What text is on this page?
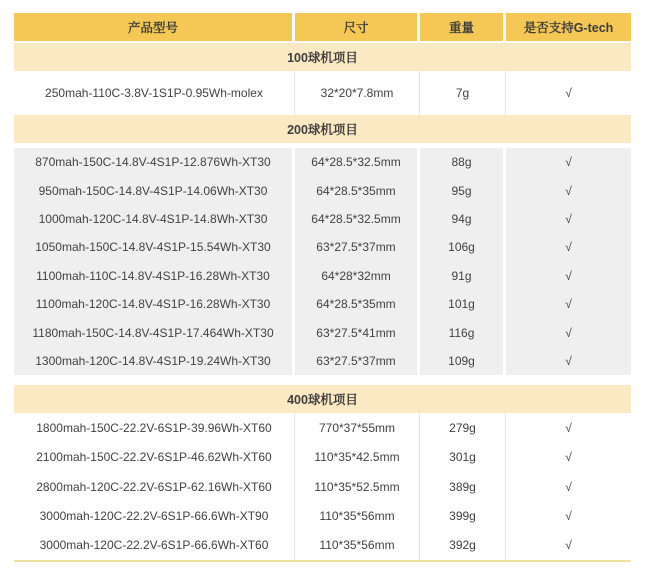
产品型号	尺寸	重量	是否支持G-tech
100球机项目
250mah-110C-3.8V-1S1P-0.95Wh-molex	32*20*7.8mm	7g	√
200球机项目
870mah-150C-14.8V-4S1P-12.876Wh-XT30	64*28.5*32.5mm	88g	√
950mah-150C-14.8V-4S1P-14.06Wh-XT30	64*28.5*35mm	95g	√
1000mah-120C-14.8V-4S1P-14.8Wh-XT30	64*28.5*32.5mm	94g	√
1050mah-150C-14.8V-4S1P-15.54Wh-XT30	63*27.5*37mm	106g	√
1100mah-110C-14.8V-4S1P-16.28Wh-XT30	64*28*32mm	91g	√
1100mah-120C-14.8V-4S1P-16.28Wh-XT30	64*28.5*35mm	101g	√
1180mah-150C-14.8V-4S1P-17.464Wh-XT30	63*27.5*41mm	116g	√
1300mah-120C-14.8V-4S1P-19.24Wh-XT30	63*27.5*37mm	109g	√
400球机项目
1800mah-150C-22.2V-6S1P-39.96Wh-XT60	770*37*55mm	279g	√
2100mah-150C-22.2V-6S1P-46.62Wh-XT60	110*35*42.5mm	301g	√
2800mah-120C-22.2V-6S1P-62.16Wh-XT60	110*35*52.5mm	389g	√
3000mah-120C-22.2V-6S1P-66.6Wh-XT90	110*35*56mm	399g	√
3000mah-120C-22.2V-6S1P-66.6Wh-XT60	110*35*56mm	392g	√
